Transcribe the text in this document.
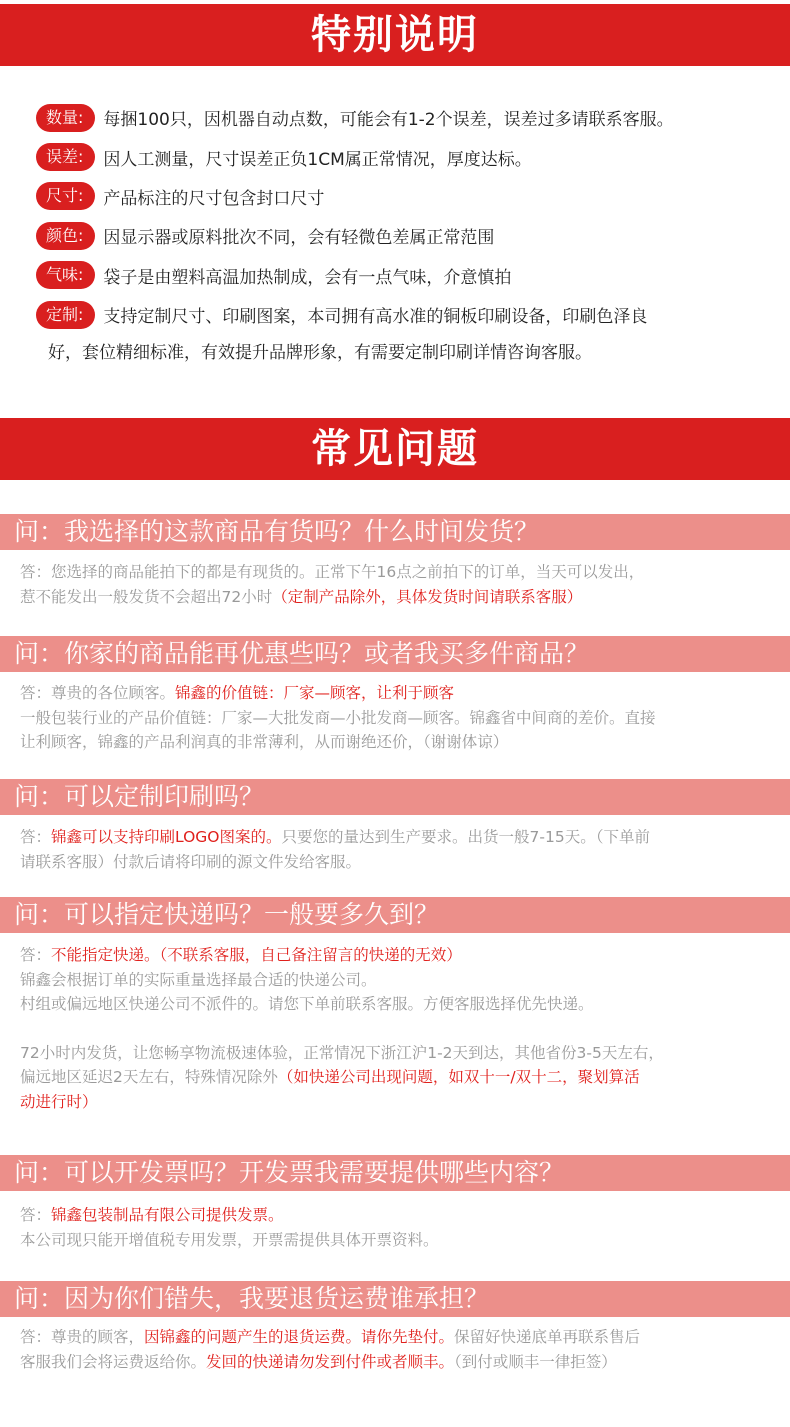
特别说明
数量:	每捆100只，因机器自动点数，可能会有1-2个误差，误差过多请联系客服。
误差:	因人工测量，尺寸误差正负1CM属正常情况，厚度达标。
尺寸:	产品标注的尺寸包含封口尺寸
颜色:	因显示器或原料批次不同，会有轻微色差属正常范围
气味:	袋子是由塑料高温加热制成，会有一点气味，介意慎拍
定制:	支持定制尺寸、印刷图案，本司拥有高水准的铜板印刷设备，印刷色泽良
好，套位精细标准，有效提升品牌形象，有需要定制印刷详情咨询客服。
常见问题
问：我选择的这款商品有货吗？什么时间发货？

答：您选择的商品能拍下的都是有现货的。正常下午16点之前拍下的订单，当天可以发出，

惹不能发出一般发货不会超出72小时（定制产品除外，具体发货时间请联系客服）

问：你家的商品能再优惠些吗？或者我买多件商品？

答：尊贵的各位顾客。锦鑫的价值链：厂家—顾客，让利于顾客

一般包装行业的产品价值链：厂家—大批发商—小批发商—顾客。锦鑫省中间商的差价。直接

让利顾客，锦鑫的产品利润真的非常薄利，从而谢绝还价，（谢谢体谅）

问：可以定制印刷吗？

答：锦鑫可以支持印刷LOGO图案的。只要您的量达到生产要求。出货一般7-15天。（下单前

请联系客服）付款后请将印刷的源文件发给客服。

问：可以指定快递吗？一般要多久到？

答：不能指定快递。（不联系客服，自己备注留言的快递的无效）

锦鑫会根据订单的实际重量选择最合适的快递公司。

村组或偏远地区快递公司不派件的。请您下单前联系客服。方便客服选择优先快递。

72小时内发货，让您畅享物流极速体验，正常情况下浙江沪1-2天到达，其他省份3-5天左右，

偏远地区延迟2天左右，特殊情况除外（如快递公司出现问题，如双十一/双十二，聚划算活

动进行时）

问：可以开发票吗？开发票我需要提供哪些内容？

答：锦鑫包装制品有限公司提供发票。

本公司现只能开增值税专用发票，开票需提供具体开票资料。

问：因为你们错失，我要退货运费谁承担？

答：尊贵的顾客，因锦鑫的问题产生的退货运费。请你先垫付。保留好快递底单再联系售后

客服我们会将运费返给你。发回的快递请勿发到付件或者顺丰。（到付或顺丰一律拒签）
